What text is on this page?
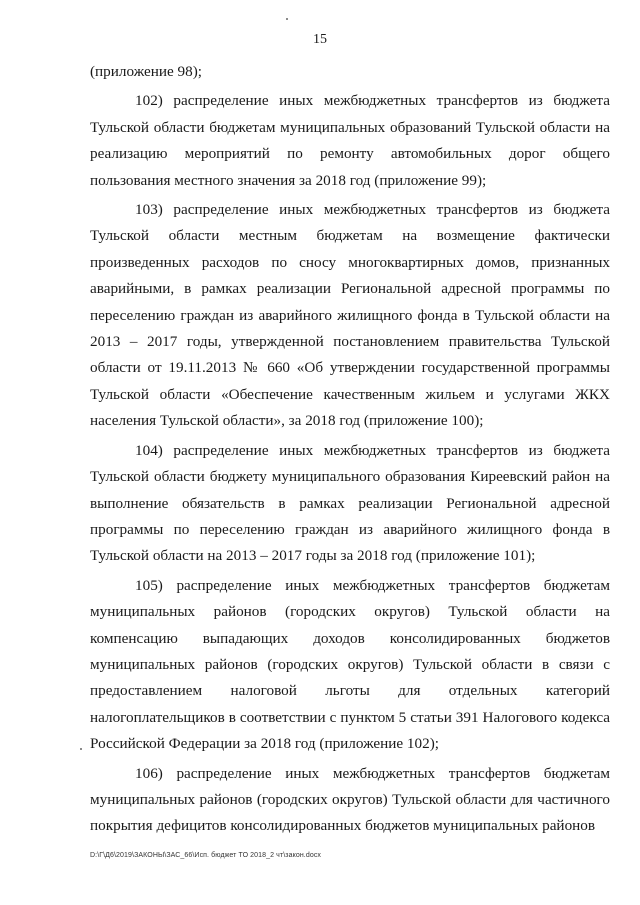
15

(приложение 98);

102) распределение иных межбюджетных трансфертов из бюджета Тульской области бюджетам муниципальных образований Тульской области на реализацию мероприятий по ремонту автомобильных дорог общего пользования местного значения за 2018 год (приложение 99);

103) распределение иных межбюджетных трансфертов из бюджета Тульской области местным бюджетам на возмещение фактически произведенных расходов по сносу многоквартирных домов, признанных аварийными, в рамках реализации Региональной адресной программы по переселению граждан из аварийного жилищного фонда в Тульской области на 2013 – 2017 годы, утвержденной постановлением правительства Тульской области от 19.11.2013 № 660 «Об утверждении государственной программы Тульской области «Обеспечение качественным жильем и услугами ЖКХ населения Тульской области», за 2018 год (приложение 100);

104) распределение иных межбюджетных трансфертов из бюджета Тульской области бюджету муниципального образования Киреевский район на выполнение обязательств в рамках реализации Региональной адресной программы по переселению граждан из аварийного жилищного фонда в Тульской области на 2013 – 2017 годы за 2018 год (приложение 101);

105) распределение иных межбюджетных трансфертов бюджетам муниципальных районов (городских округов) Тульской области на компенсацию выпадающих доходов консолидированных бюджетов муниципальных районов (городских округов) Тульской области в связи с предоставлением налоговой льготы для отдельных категорий налогоплательщиков в соответствии с пунктом 5 статьи 391 Налогового кодекса Российской Федерации за 2018 год (приложение 102);

106) распределение иных межбюджетных трансфертов бюджетам муниципальных районов (городских округов) Тульской области для частичного покрытия дефицитов консолидированных бюджетов муниципальных районов

D:\Г\Д6\2019\ЗАКОНЫ\ЗАС_66\Исп. бюджет ТО 2018_2 чт\закон.docx
